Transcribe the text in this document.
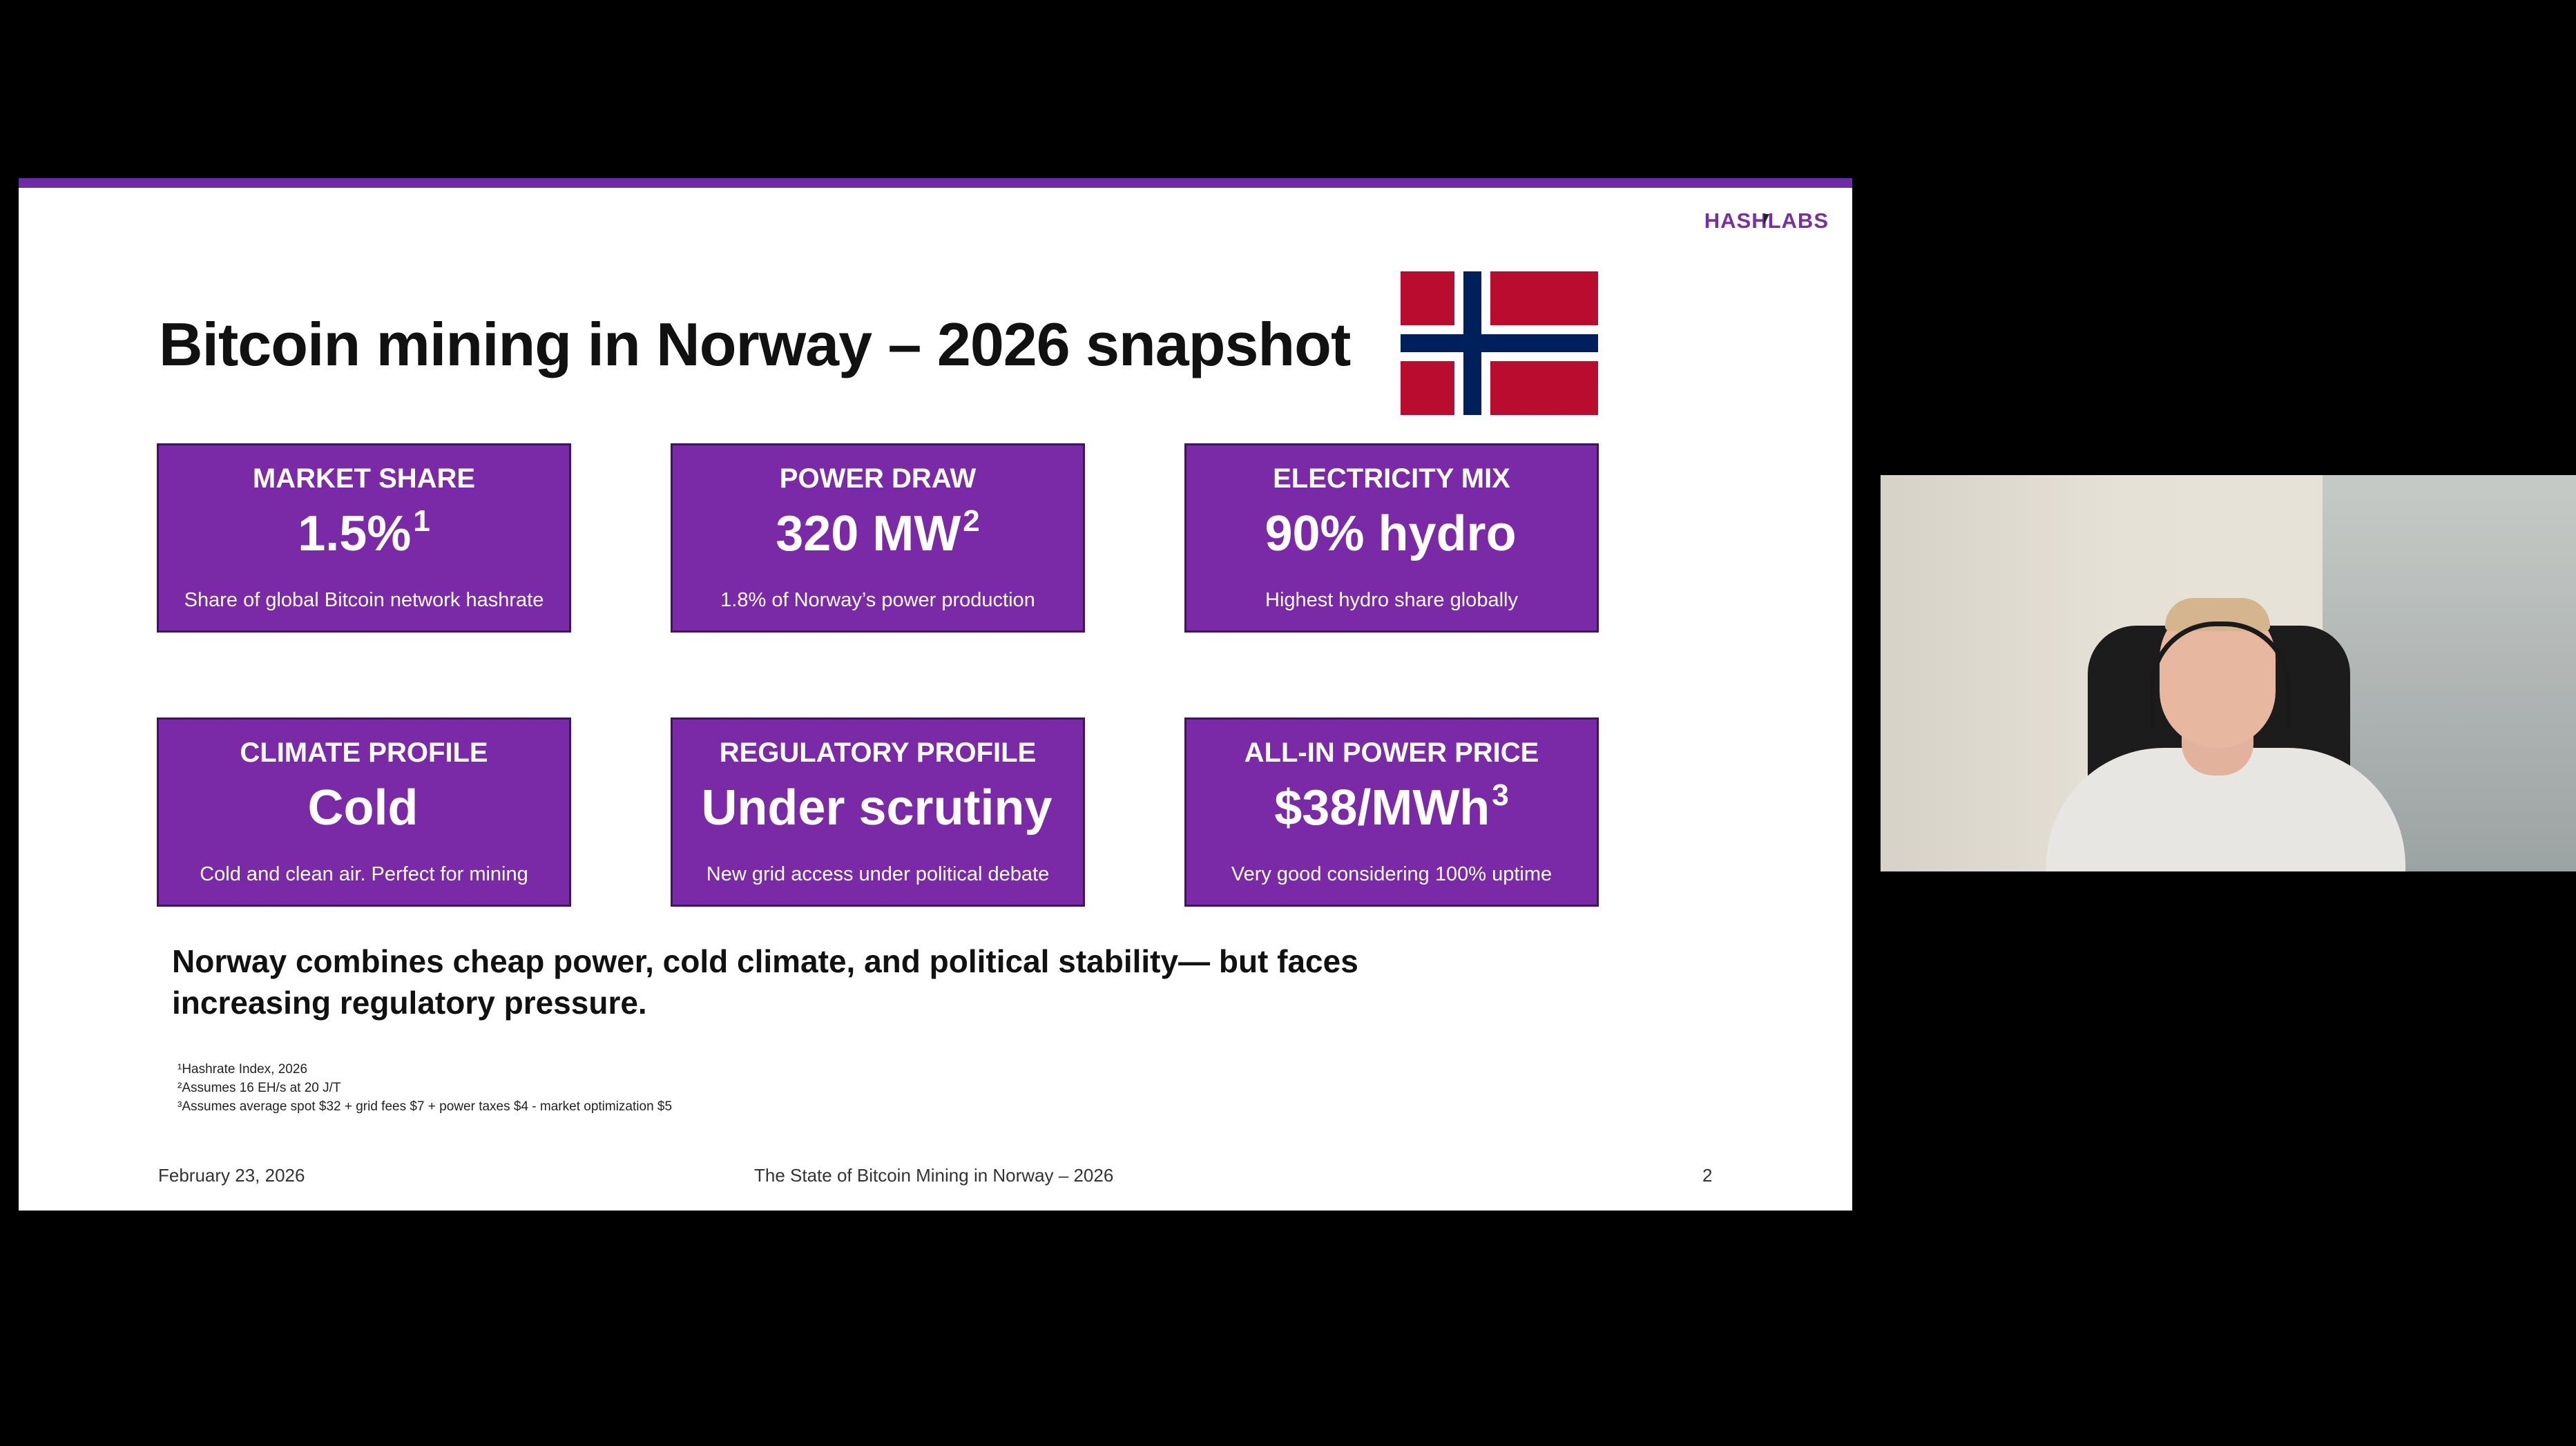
HASHLABS
Bitcoin mining in Norway – 2026 snapshot
MARKET SHARE
1.5%$^1$
Share of global Bitcoin network hashrate
POWER DRAW
320 $MW^2$
1.8% of Norway’s power production
ELECTRICITY MIX
90% hydro
Highest hydro share globally
CLIMATE PROFILE
Cold
Cold and clean air. Perfect for mining
REGULATORY PROFILE
Under scrutiny
New grid access under political debate
ALL-IN POWER PRICE
$38/MWh$^3$
Very good considering 100% uptime
Norway combines cheap power, cold climate, and political stability— but faces
increasing regulatory pressure.
¹Hashrate Index, 2026
²Assumes 16 EH/s at 20 J/T
³Assumes average spot $32 + grid fees $7 + power taxes $4 - market optimization $5
February 23, 2026	The State of Bitcoin Mining in Norway – 2026	2
